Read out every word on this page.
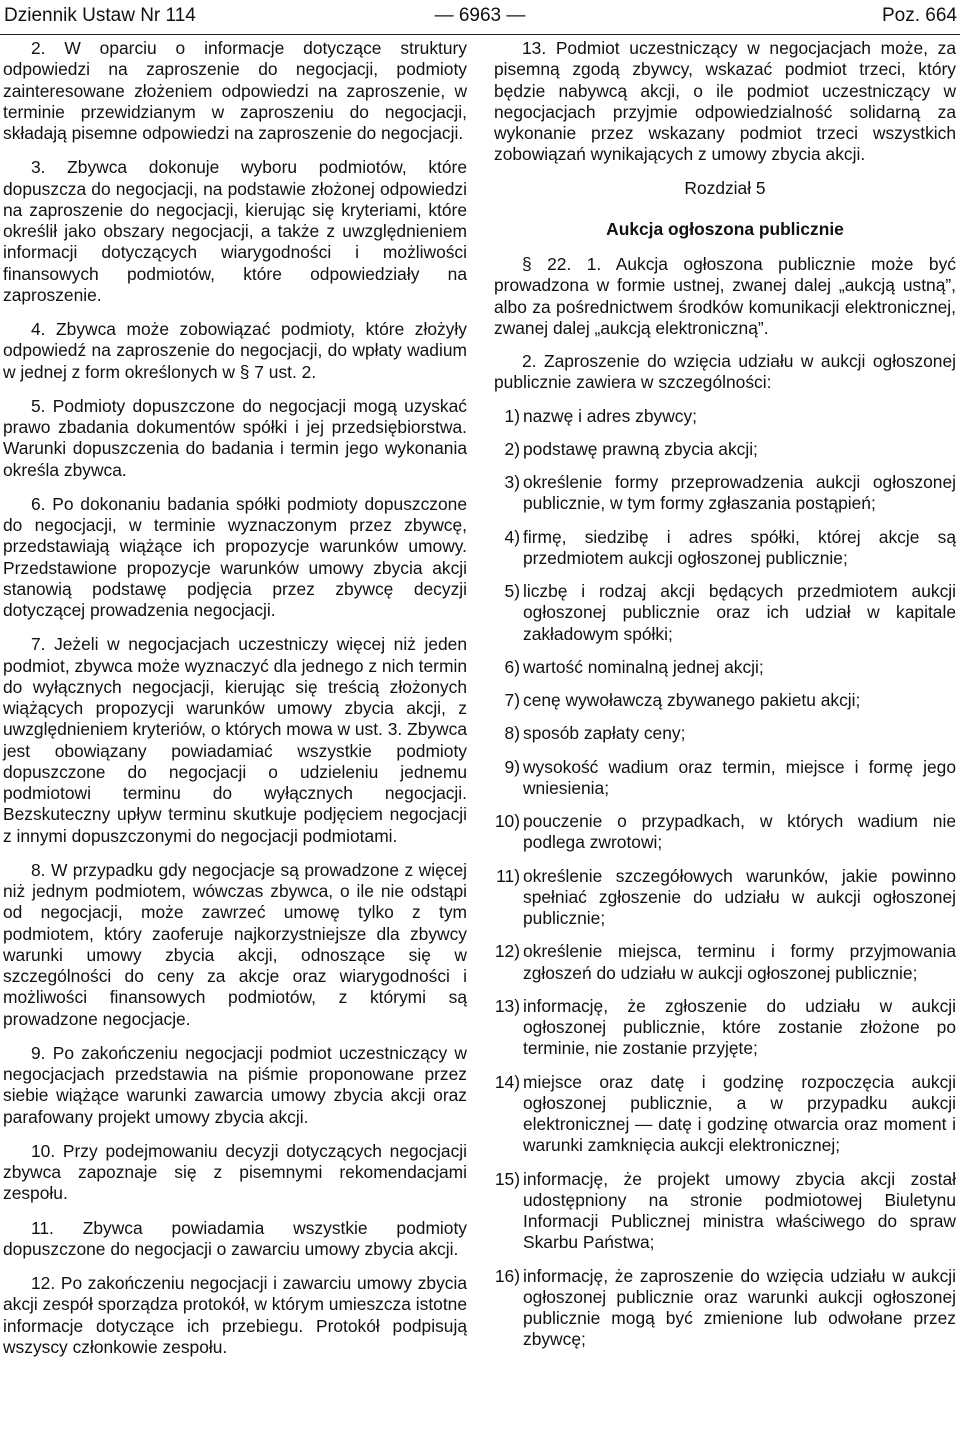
Dziennik Ustaw Nr 114	— 6963 —	Poz. 664

2. W oparciu o informacje dotyczące struktury odpowiedzi na zaproszenie do negocjacji, podmioty zainteresowane złożeniem odpowiedzi na zaproszenie, w terminie przewidzianym w zaproszeniu do negocjacji, składają pisemne odpowiedzi na zaproszenie do negocjacji.

3. Zbywca dokonuje wyboru podmiotów, które dopuszcza do negocjacji, na podstawie złożonej odpowiedzi na zaproszenie do negocjacji, kierując się kryteriami, które określił jako obszary negocjacji, a także z uwzględnieniem informacji dotyczących wiarygodności i możliwości finansowych podmiotów, które odpowiedziały na zaproszenie.

4. Zbywca może zobowiązać podmioty, które złożyły odpowiedź na zaproszenie do negocjacji, do wpłaty wadium w jednej z form określonych w § 7 ust. 2.

5. Podmioty dopuszczone do negocjacji mogą uzyskać prawo zbadania dokumentów spółki i jej przedsiębiorstwa. Warunki dopuszczenia do badania i termin jego wykonania określa zbywca.

6. Po dokonaniu badania spółki podmioty dopuszczone do negocjacji, w terminie wyznaczonym przez zbywcę, przedstawiają wiążące ich propozycje warunków umowy. Przedstawione propozycje warunków umowy zbycia akcji stanowią podstawę podjęcia przez zbywcę decyzji dotyczącej prowadzenia negocjacji.

7. Jeżeli w negocjacjach uczestniczy więcej niż jeden podmiot, zbywca może wyznaczyć dla jednego z nich termin do wyłącznych negocjacji, kierując się treścią złożonych wiążących propozycji warunków umowy zbycia akcji, z uwzględnieniem kryteriów, o których mowa w ust. 3. Zbywca jest obowiązany powiadamiać wszystkie podmioty dopuszczone do negocjacji o udzieleniu jednemu podmiotowi terminu do wyłącznych negocjacji. Bezskuteczny upływ terminu skutkuje podjęciem negocjacji z innymi dopuszczonymi do negocjacji podmiotami.

8. W przypadku gdy negocjacje są prowadzone z więcej niż jednym podmiotem, wówczas zbywca, o ile nie odstąpi od negocjacji, może zawrzeć umowę tylko z tym podmiotem, który zaoferuje najkorzystniejsze dla zbywcy warunki umowy zbycia akcji, odnoszące się w szczególności do ceny za akcje oraz wiarygodności i możliwości finansowych podmiotów, z którymi są prowadzone negocjacje.

9. Po zakończeniu negocjacji podmiot uczestniczący w negocjacjach przedstawia na piśmie proponowane przez siebie wiążące warunki zawarcia umowy zbycia akcji oraz parafowany projekt umowy zbycia akcji.

10. Przy podejmowaniu decyzji dotyczących negocjacji zbywca zapoznaje się z pisemnymi rekomendacjami zespołu.

11. Zbywca powiadamia wszystkie podmioty dopuszczone do negocjacji o zawarciu umowy zbycia akcji.

12. Po zakończeniu negocjacji i zawarciu umowy zbycia akcji zespół sporządza protokół, w którym umieszcza istotne informacje dotyczące ich przebiegu. Protokół podpisują wszyscy członkowie zespołu.

13. Podmiot uczestniczący w negocjacjach może, za pisemną zgodą zbywcy, wskazać podmiot trzeci, który będzie nabywcą akcji, o ile podmiot uczestniczący w negocjacjach przyjmie odpowiedzialność solidarną za wykonanie przez wskazany podmiot trzeci wszystkich zobowiązań wynikających z umowy zbycia akcji.

Rozdział 5

Aukcja ogłoszona publicznie

§ 22. 1. Aukcja ogłoszona publicznie może być prowadzona w formie ustnej, zwanej dalej „aukcją ustną”, albo za pośrednictwem środków komunikacji elektronicznej, zwanej dalej „aukcją elektroniczną”.

2. Zaproszenie do wzięcia udziału w aukcji ogłoszonej publicznie zawiera w szczególności:

1) nazwę i adres zbywcy;

2) podstawę prawną zbycia akcji;

3) określenie formy przeprowadzenia aukcji ogłoszonej publicznie, w tym formy zgłaszania postąpień;

4) firmę, siedzibę i adres spółki, której akcje są przedmiotem aukcji ogłoszonej publicznie;

5) liczbę i rodzaj akcji będących przedmiotem aukcji ogłoszonej publicznie oraz ich udział w kapitale zakładowym spółki;

6) wartość nominalną jednej akcji;

7) cenę wywoławczą zbywanego pakietu akcji;

8) sposób zapłaty ceny;

9) wysokość wadium oraz termin, miejsce i formę jego wniesienia;

10) pouczenie o przypadkach, w których wadium nie podlega zwrotowi;

11) określenie szczegółowych warunków, jakie powinno spełniać zgłoszenie do udziału w aukcji ogłoszonej publicznie;

12) określenie miejsca, terminu i formy przyjmowania zgłoszeń do udziału w aukcji ogłoszonej publicznie;

13) informację, że zgłoszenie do udziału w aukcji ogłoszonej publicznie, które zostanie złożone po terminie, nie zostanie przyjęte;

14) miejsce oraz datę i godzinę rozpoczęcia aukcji ogłoszonej publicznie, a w przypadku aukcji elektronicznej — datę i godzinę otwarcia oraz moment i warunki zamknięcia aukcji elektronicznej;

15) informację, że projekt umowy zbycia akcji został udostępniony na stronie podmiotowej Biuletynu Informacji Publicznej ministra właściwego do spraw Skarbu Państwa;

16) informację, że zaproszenie do wzięcia udziału w aukcji ogłoszonej publicznie oraz warunki aukcji ogłoszonej publicznie mogą być zmienione lub odwołane przez zbywcę;
